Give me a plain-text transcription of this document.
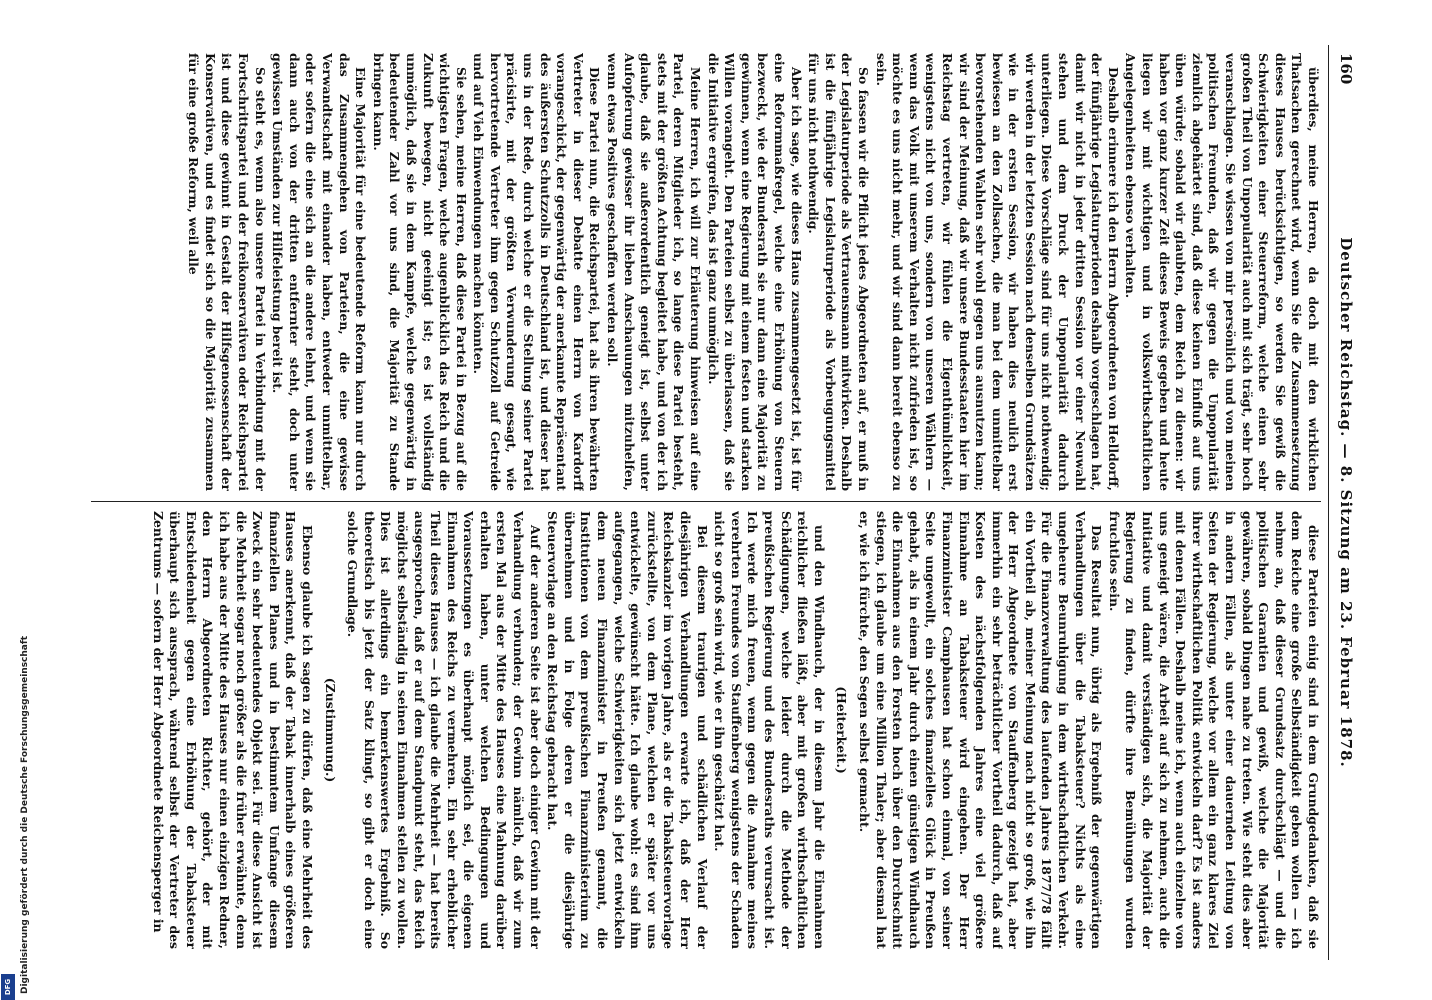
160
Deutscher Reichstag. — 8. Sitzung am 23. Februar 1878.

überdies, meine Herren, da doch mit den wirklichen Thatsachen gerechnet wird, wenn Sie die Zusammensetzung dieses Hauses berücksichtigen, so werden Sie gewiß die Schwierigkeiten einer Steuerreform, welche einen sehr großen Theil von Unpopularität auch mit sich trägt, sehr hoch veranschlagen. Sie wissen von mir persönlich und von meinen politischen Freunden, daß wir gegen die Unpopularität ziemlich abgehärtet sind, daß diese keinen Einfluß auf uns üben würde; sobald wir glaubten, dem Reich zu dienen: wir haben vor ganz kurzer Zeit dieses Beweis gegeben und heute liegen wir mit wichtigen und in volkswirthschaftlichen Angelegenheiten ebenso verhalten.

Deshalb erinnere ich den Herrn Abgeordneten von Helldorff, der fünfjährige Legislaturperioden deshalb vorgeschlagen hat, damit wir nicht in jeder dritten Session vor einer Neuwahl stehen und dem Druck der Unpopularität dadurch unterliegen. Diese Vorschläge sind für uns nicht nothwendig; wir werden in der letzten Session nach denselben Grundsätzen wie in der ersten Session, wir haben dies neulich erst bewiesen an den Zollsachen, die man bei dem unmittelbar bevorstehenden Wahlen sehr wohl gegen uns ausnutzen kann; wir sind der Meinung, daß wir unsere Bundesstaaten hier im Reichstag vertreten, wir fühlen die Eigenthümlichkeit, wenigstens nicht von uns, sondern von unseren Wählern — wenn das Volk mit unserem Verhalten nicht zufrieden ist, so möchte es uns nicht mehr, und wir sind dann bereit ebenso zu sein.

So fassen wir die Pflicht jedes Abgeordneten auf, er muß in der Legislaturperiode als Vertrauensmann mitwirken. Deshalb ist die fünfjährige Legislaturperiode als Vorbeugungsmittel für uns nicht nothwendig.

Aber ich sage, wie dieses Haus zusammengesetzt ist, ist für eine Reformmaßregel, welche eine Erhöhung von Steuern bezweckt, wie der Bundesrath sie nur dann eine Majorität zu gewinnen, wenn eine Regierung mit einem festen und starken Willen vorangeht. Den Parteien selbst zu überlassen, daß sie die Initiative ergreifen, das ist ganz unmöglich.

Meine Herren, ich will zur Erläuterung hinweisen auf eine Partei, deren Mitglieder ich, so lange diese Partei besteht, stets mit der größten Achtung begleitet habe, und von der ich glaube, daß sie außerordentlich geneigt ist, selbst unter Aufopferung gewisser ihr lieben Anschauungen mitzuhelfen, wenn etwas Positives geschaffen werden soll.

Diese Partei nun, die Reichspartei, hat als ihren bewährten Vertreter in dieser Debatte einen Herrn von Kardorff vorangeschickt, der gegenwärtig der anerkannte Repräsentant des äußersten Schutzzolls in Deutschland ist, und dieser hat uns in der Rede, durch welche er die Stellung seiner Partei präcisirte, mit der größten Verwunderung gesagt, wie hervortretende Vertreter ihm gegen Schutzzoll auf Getreide und auf Vieh Einwendungen machen könnten.

Sie sehen, meine Herren, daß diese Partei in Bezug auf die wichtigsten Fragen, welche augenblicklich das Reich und die Zukunft bewegen, nicht geeinigt ist; es ist vollständig unmöglich, daß sie in dem Kampfe, welche gegenwärtig in bedeutender Zahl vor uns sind, die Majorität zu Stande bringen kann.

Eine Majorität für eine bedeutende Reform kann nur durch das Zusammengehen von Parteien, die eine gewisse Verwandtschaft mit einander haben, entweder unmittelbar, oder sofern die eine sich an die andere lehnt, und wenn sie dann auch von der dritten entfernter steht, doch unter gewissen Umständen zur Hilfeleistung bereit ist.

So steht es, wenn also unsere Partei in Verbindung mit der Fortschrittspartei und der freikonservativen oder Reichspartei ist und diese gewinnt in Gestalt der Hilfsgenossenschaft der Konservativen, und es findet sich so die Majorität zusammen für eine große Reform, weil alle

diese Parteien einig sind in dem Grundgedanken, daß sie dem Reiche eine große Selbständigkeit geben wollen — ich nehme an, daß dieser Grundsatz durchschlägt — und die politischen Garantien und gewiß, welche die Majorität gewähren, sobald Dingen nahe zu treten. Wie steht dies aber in andern Fällen, als unter einer dauernden Leitung von Seiten der Regierung, welche vor allem ein ganz klares Ziel ihrer wirthschaftlichen Politik entwickeln darf? Es ist anders mit denen Fällen. Deshalb meine ich, wenn auch einzelne von uns geneigt wären, die Arbeit auf sich zu nehmen, auch die Initiative und damit verständigen sich, die Majorität der Regierung zu finden, dürfte ihre Bemühungen wurden fruchtlos sein.

Das Resultat nun, übrig als Ergebniß der gegenwärtigen Verhandlungen über die Tabaksteuer? Nichts als eine ungeheure Beunruhigung in dem wirthschaftlichen Verkehr. Für die Finanzverwaltung des laufenden Jahres 1877/78 fällt ein Vortheil ab, meiner Meinung nach nicht so groß, wie ihn der Herr Abgeordnete von Stauffenberg gezeigt hat, aber immerhin ein sehr beträchtlicher Vortheil dadurch, daß auf Kosten des nächstfolgenden Jahres eine viel größere Einnahme an Tabaksteuer wird eingehen. Der Herr Finanzminister Camphausen hat schon einmal, von seiner Seite ungewollt, ein solches finanzielles Glück in Preußen gehabt, als in einem Jahr durch einen günstigen Windhauch die Einnahmen aus den Forsten hoch über den Durchschnitt stiegen, ich glaube um eine Million Thaler; aber diesmal hat er, wie ich fürchte, den Segen selbst gemacht.

(Heiterkeit.)

und den Windhauch, der in diesem Jahr die Einnahmen reichlicher fließen läßt, aber mit großen wirthschaftlichen Schädigungen, welche leider durch die Methode der preußischen Regierung und des Bundesraths verursacht ist. Ich werde mich freuen, wenn gegen die Annahme meines verehrten Freundes von Stauffenberg wenigstens der Schaden nicht so groß sein wird, wie er ihn geschätzt hat.

Bei diesem traurigen und schädlichen Verlauf der diesjährigen Verhandlungen erwarte ich, daß der Herr Reichskanzler im vorigen Jahre, als er die Tabaksteuervorlage zurückstellte, von dem Plane, welchen er später vor uns entwickelte, gewünscht hätte. Ich glaube wohl: es sind ihm aufgegangen, welche Schwierigkeiten sich jetzt entwickeln dem neuen Finanzminister in Preußen genannt, die Institutionen von dem preußischen Finanzministerium zu übernehmen und in Folge deren er die diesjährige Steuervorlage an den Reichstag gebracht hat.

Auf der anderen Seite ist aber doch einiger Gewinn mit der Verhandlung verbunden; der Gewinn nämlich, daß wir zum ersten Mal aus der Mitte des Hauses eine Mahnung darüber erhalten haben, unter welchen Bedingungen und Voraussetzungen es überhaupt möglich sei, die eigenen Einnahmen des Reichs zu vermehren. Ein sehr erheblicher Theil dieses Hauses — ich glaube die Mehrheit — hat bereits ausgesprochen, daß er auf dem Standpunkt steht, das Reich möglichst selbständig in seinen Einnahmen stellen zu wollen. Dies ist allerdings ein bemerkenswertes Ergebniß. So theoretisch bis jetzt der Satz klingt, so gibt er doch eine solche Grundlage.

(Zustimmung.)

Ebenso glaube ich sagen zu dürfen, daß eine Mehrheit des Hauses anerkennt, daß der Tabak innerhalb eines größeren finanziellen Planes und in bestimmtem Umfange diesem Zweck ein sehr bedeutendes Objekt sei. Für diese Ansicht ist die Mehrheit sogar noch größer als die früher erwähnte, denn ich habe aus der Mitte des Hauses nur einen einzigen Redner, den Herrn Abgeordneten Richter, gehört, der mit Entschiedenheit gegen eine Erhöhung der Tabaksteuer überhaupt sich aussprach, während selbst der Vertreter des Zentrums — sofern der Herr Abgeordnete Reichensperger in

Digitalisierung gefördert durch die Deutsche Forschungsgemeinschaft
DFG
